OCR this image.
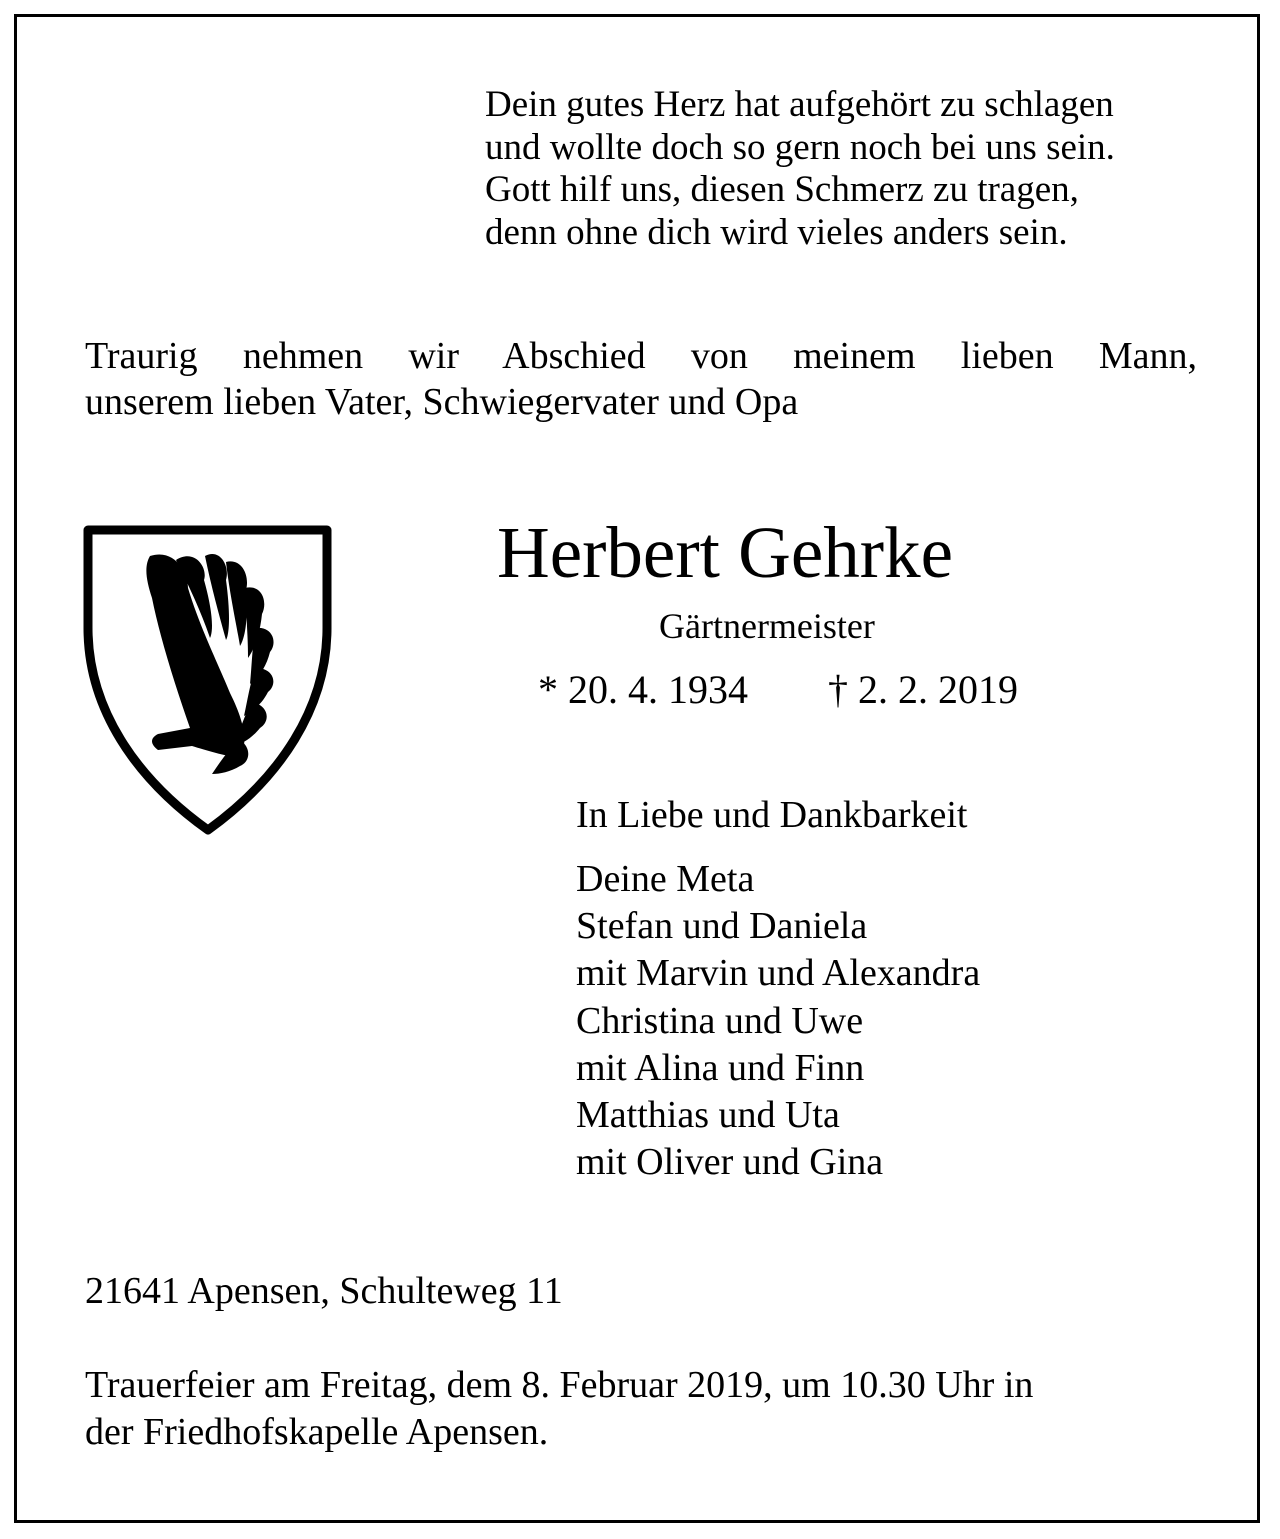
Dein gutes Herz hat aufgehört zu schlagen
und wollte doch so gern noch bei uns sein.
Gott hilf uns, diesen Schmerz zu tragen,
denn ohne dich wird vieles anders sein.
Traurig nehmen wir Abschied von meinem lieben Mann,
unserem lieben Vater, Schwiegervater und Opa
Herbert Gehrke
Gärtnermeister
* 20. 4. 1934 † 2. 2. 2019
In Liebe und Dankbarkeit
Deine Meta
Stefan und Daniela
mit Marvin und Alexandra
Christina und Uwe
mit Alina und Finn
Matthias und Uta
mit Oliver und Gina
21641 Apensen, Schulteweg 11
Trauerfeier am Freitag, dem 8. Februar 2019, um 10.30 Uhr in
der Friedhofskapelle Apensen.
